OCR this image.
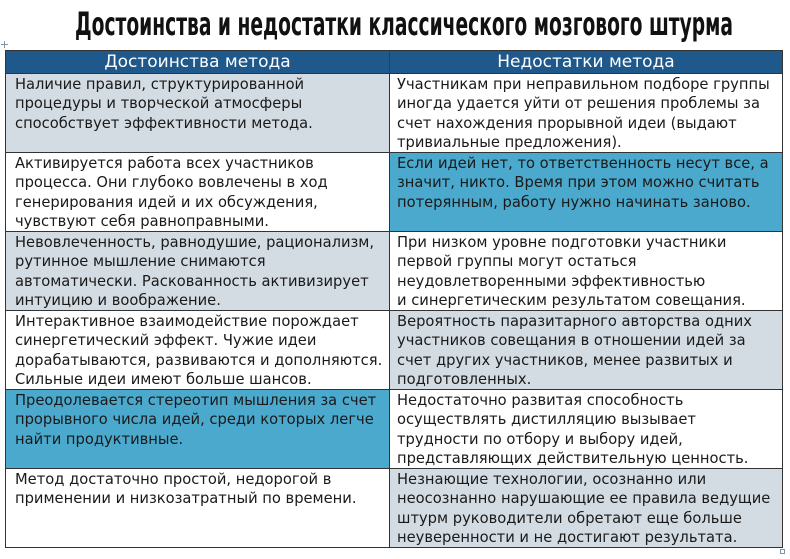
Достоинства и недостатки классического мозгового штурма
Достоинства метода	Недостатки метода
Наличие правил, структурированной
процедуры и творческой атмосферы
способствует эффективности метода.
Участникам при неправильном подборе группы
иногда удается уйти от решения проблемы за
счет нахождения прорывной идеи (выдают
тривиальные предложения).
Активируется работа всех участников
процесса. Они глубоко вовлечены в ход
генерирования идей и их обсуждения,
чувствуют себя равноправными.
Если идей нет, то ответственность несут все, а
значит, никто. Время при этом можно считать
потерянным, работу нужно начинать заново.
Невовлеченность, равнодушие, рационализм,
рутинное мышление снимаются
автоматически. Раскованность активизирует
интуицию и воображение.
При низком уровне подготовки участники
первой группы могут остаться
неудовлетворенными эффективностью
и синергетическим результатом совещания.
Интерактивное взаимодействие порождает
синергетический эффект. Чужие идеи
дорабатываются, развиваются и дополняются.
Сильные идеи имеют больше шансов.
Вероятность паразитарного авторства одних
участников совещания в отношении идей за
счет других участников, менее развитых и
подготовленных.
Преодолевается стереотип мышления за счет
прорывного числа идей, среди которых легче
найти продуктивные.
Недостаточно развитая способность
осуществлять дистилляцию вызывает
трудности по отбору и выбору идей,
представляющих действительную ценность.
Метод достаточно простой, недорогой в
применении и низкозатратный по времени.
Незнающие технологии, осознанно или
неосознанно нарушающие ее правила ведущие
штурм руководители обретают еще больше
неуверенности и не достигают результата.
